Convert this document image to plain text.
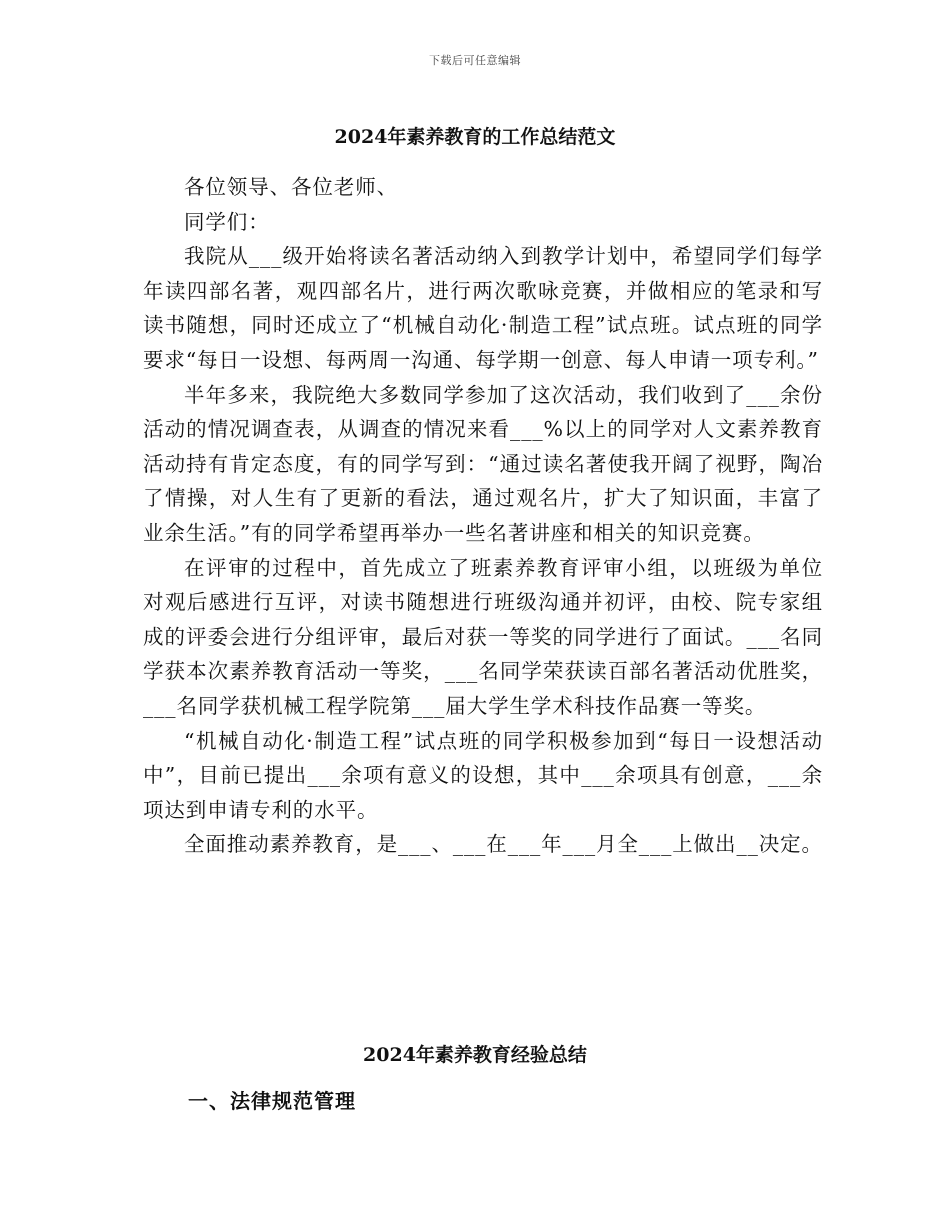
下载后可任意编辑
2024年素养教育的工作总结范文

各位领导、各位老师、

同学们：

我院从___级开始将读名著活动纳入到教学计划中，希望同学们每学年读四部名著，观四部名片，进行两次歌咏竞赛，并做相应的笔录和写读书随想，同时还成立了“机械自动化·制造工程”试点班。试点班的同学要求“每日一设想、每两周一沟通、每学期一创意、每人申请一项专利。”

半年多来，我院绝大多数同学参加了这次活动，我们收到了___余份活动的情况调查表，从调查的情况来看___%以上的同学对人文素养教育活动持有肯定态度，有的同学写到：“通过读名著使我开阔了视野，陶冶了情操，对人生有了更新的看法，通过观名片，扩大了知识面，丰富了业余生活。”有的同学希望再举办一些名著讲座和相关的知识竞赛。

在评审的过程中，首先成立了班素养教育评审小组，以班级为单位对观后感进行互评，对读书随想进行班级沟通并初评，由校、院专家组成的评委会进行分组评审，最后对获一等奖的同学进行了面试。___名同学获本次素养教育活动一等奖，___名同学荣获读百部名著活动优胜奖，___名同学获机械工程学院第___届大学生学术科技作品赛一等奖。

“机械自动化·制造工程”试点班的同学积极参加到“每日一设想活动中”，目前已提出___余项有意义的设想，其中___余项具有创意，___余项达到申请专利的水平。

全面推动素养教育，是___、___在___年___月全___上做出__决定。

2024年素养教育经验总结
一、法律规范管理
